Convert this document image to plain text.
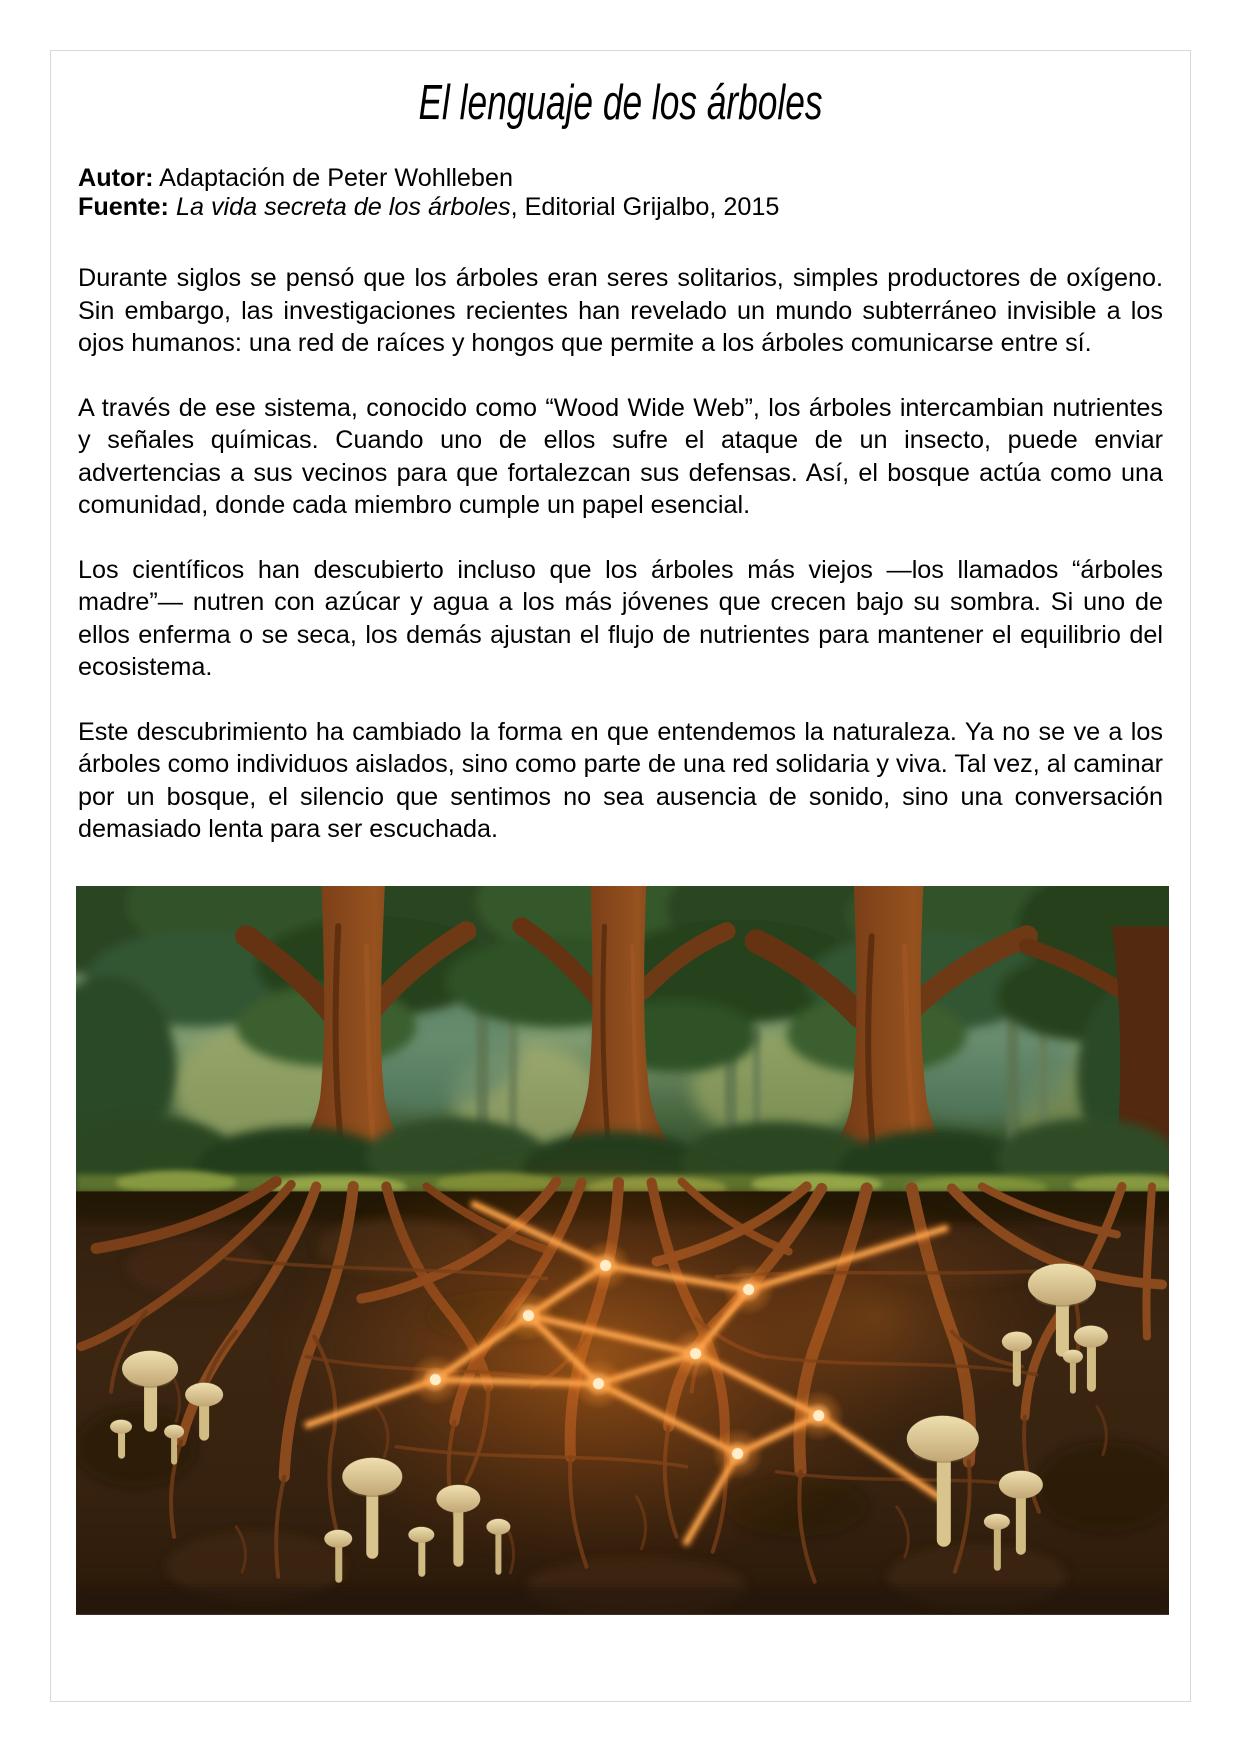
El lenguaje de los árboles
Autor: Adaptación de Peter Wohlleben
Fuente: La vida secreta de los árboles, Editorial Grijalbo, 2015

Durante siglos se pensó que los árboles eran seres solitarios, simples productores de oxígeno. Sin embargo, las investigaciones recientes han revelado un mundo subterráneo invisible a los ojos humanos: una red de raíces y hongos que permite a los árboles comunicarse entre sí.

A través de ese sistema, conocido como “Wood Wide Web”, los árboles intercambian nutrientes y señales químicas. Cuando uno de ellos sufre el ataque de un insecto, puede enviar advertencias a sus vecinos para que fortalezcan sus defensas. Así, el bosque actúa como una comunidad, donde cada miembro cumple un papel esencial.

Los científicos han descubierto incluso que los árboles más viejos —los llamados “árboles madre”— nutren con azúcar y agua a los más jóvenes que crecen bajo su sombra. Si uno de ellos enferma o se seca, los demás ajustan el flujo de nutrientes para mantener el equilibrio del ecosistema.

Este descubrimiento ha cambiado la forma en que entendemos la naturaleza. Ya no se ve a los árboles como individuos aislados, sino como parte de una red solidaria y viva. Tal vez, al caminar por un bosque, el silencio que sentimos no sea ausencia de sonido, sino una conversación demasiado lenta para ser escuchada.
